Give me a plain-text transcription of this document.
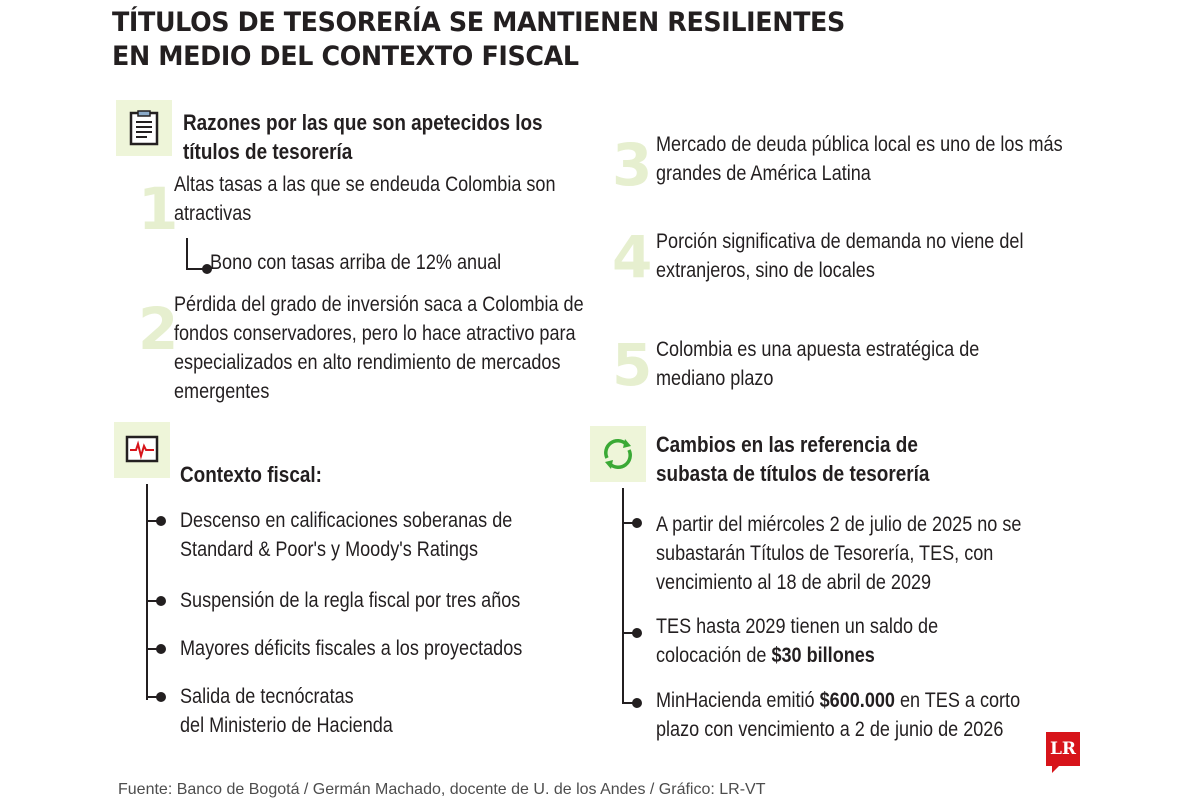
TÍTULOS DE TESORERÍA SE MANTIENEN RESILIENTES
EN MEDIO DEL CONTEXTO FISCAL
Razones por las que son apetecidos los
títulos de tesorería
1
Altas tasas a las que se endeuda Colombia son
atractivas
Bono con tasas arriba de 12% anual
2
Pérdida del grado de inversión saca a Colombia de
fondos conservadores, pero lo hace atractivo para
especializados en alto rendimiento de mercados
emergentes
3 Mercado de deuda pública local es uno de los más
grandes de América Latina
4 Porción significativa de demanda no viene del
extranjeros, sino de locales
5 Colombia es una apuesta estratégica de
mediano plazo
Contexto fiscal:
Descenso en calificaciones soberanas de
Standard & Poor's y Moody's Ratings
Suspensión de la regla fiscal por tres años
Mayores déficits fiscales a los proyectados
Salida de tecnócratas
del Ministerio de Hacienda
Cambios en las referencia de
subasta de títulos de tesorería
A partir del miércoles 2 de julio de 2025 no se
subastarán Títulos de Tesorería, TES, con
vencimiento al 18 de abril de 2029
TES hasta 2029 tienen un saldo de
colocación de $30 billones
MinHacienda emitió $600.000 en TES a corto
plazo con vencimiento a 2 de junio de 2026
LR
Fuente: Banco de Bogotá / Germán Machado, docente de U. de los Andes / Gráfico: LR-VT
